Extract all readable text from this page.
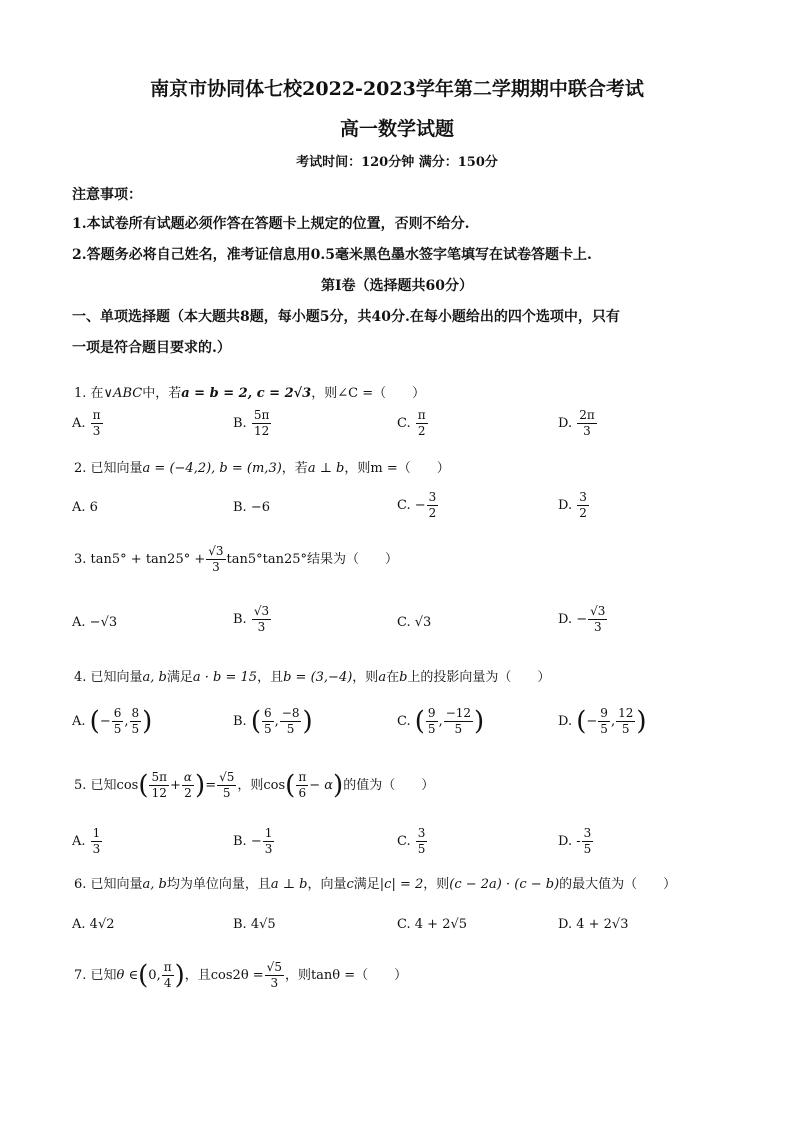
南京市协同体七校2022-2023学年第二学期期中联合考试
高一数学试题
考试时间：120分钟 满分：150分
注意事项：
1.本试卷所有试题必须作答在答题卡上规定的位置，否则不给分.
2.答题务必将自己姓名，准考证信息用0.5毫米黑色墨水签字笔填写在试卷答题卡上.
第Ⅰ卷（选择题共60分）
一、单项选择题（本大题共8题，每小题5分，共40分.在每小题给出的四个选项中，只有
一项是符合题目要求的.）
1. 在∨ABC中，若a = b = 2, c = 2√3，则∠C =（　　）
A. $\frac{\pi}{3}$	B. $\frac{5\pi}{12}$	C. $\frac{\pi}{2}$	D. $\frac{2\pi}{3}$
2. 已知向量a = (−4,2), b = (m,3)，若a ⊥ b，则m =（　　）
A. 6	B. −6	C. − $\frac{3}{2}$	D. $\frac{3}{2}$
3. $\tan 5^\circ + \tan 25^\circ + \frac{√3}{3} \tan 5^\circ\tan 25^\circ$结果为（　　）
A. −√3	B. $\frac{√3}{3}$	C. √3	D. − $\frac{√3}{3}$
4. 已知向量a, b满足a · b = 15，且b = (3,−4)，则a在b上的投影向量为（　　）
A. (− $\frac{6}{5}$ , $\frac{8}{5}$ )	B. ( $\frac{6}{5}$ , $\frac{-8}{5}$ )	C. ( $\frac{9}{5}$ , $\frac{-12}{5}$ )	D. (− $\frac{9}{5}$ , $\frac{12}{5}$ )
5. 已知$\cos( \frac{5\pi}{12} + \frac{\alpha}{2}$ )= $\frac{√5}{5}$ ，则$\cos( \frac{\pi}{6} - \alpha)$的值为（　　）
A. $\frac{1}{3}$	B. − $\frac{1}{3}$	C. $\frac{3}{5}$	D. - $\frac{3}{5}$
6. 已知向量a, b均为单位向量，且a ⊥ b，向量c满足|c| = 2，则(c − 2a) · (c − b)的最大值为（　　）
A. 4√2	B. 4√5	C. 4 + 2√5	D. 4 + 2√3
7. 已知θ ∈(0, $\frac{\pi}{4}$ )，且$\cos 2\theta = \frac{√5}{3}$ ，则tanθ =（　　）
